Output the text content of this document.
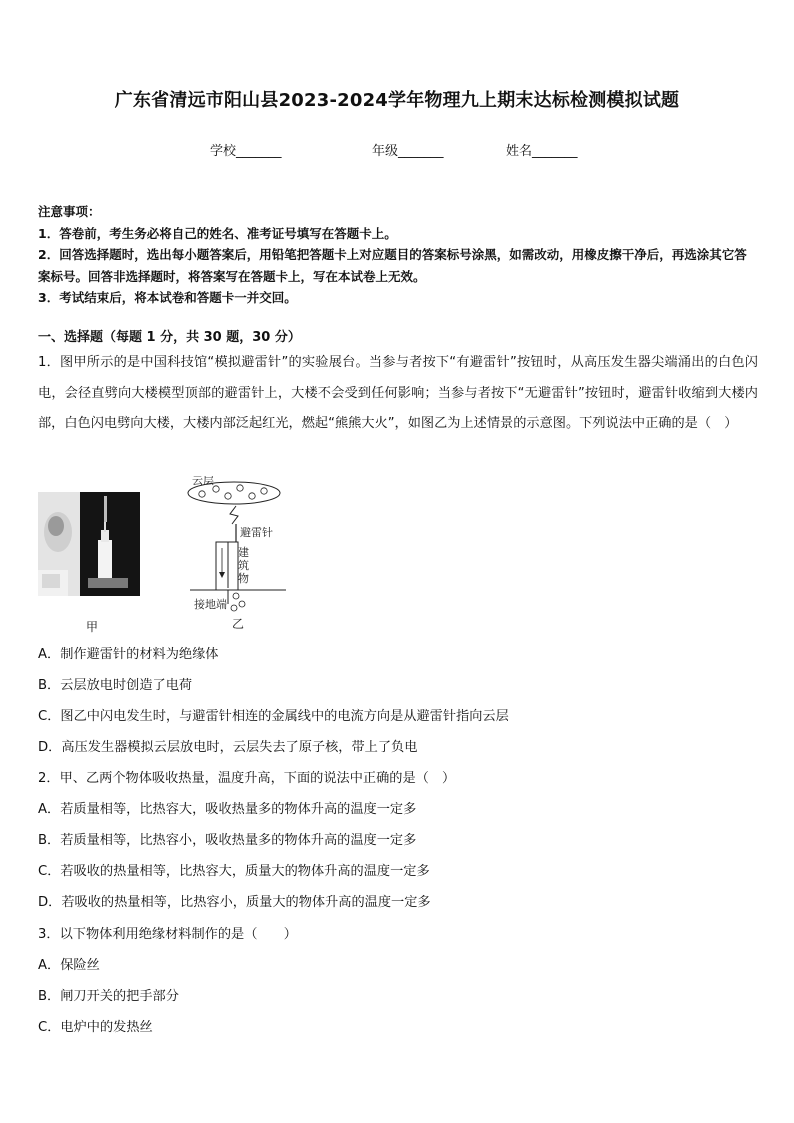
广东省清远市阳山县2023-2024学年物理九上期末达标检测模拟试题
学校_______	年级_______	姓名_______
注意事项：
1．答卷前，考生务必将自己的姓名、准考证号填写在答题卡上。
2．回答选择题时，选出每小题答案后，用铅笔把答题卡上对应题目的答案标号涂黑，如需改动，用橡皮擦干净后，再选涂其它答案标号。回答非选择题时，将答案写在答题卡上，写在本试卷上无效。
3．考试结束后，将本试卷和答题卡一并交回。
一、选择题（每题 1 分，共 30 题，30 分）
1．图甲所示的是中国科技馆“模拟避雷针”的实验展台。当参与者按下“有避雷针”按钮时，从高压发生器尖端涌出的白色闪电，会径直劈向大楼模型顶部的避雷针上，大楼不会受到任何影响；当参与者按下“无避雷针”按钮时，避雷针收缩到大楼内部，白色闪电劈向大楼，大楼内部泛起红光，燃起“熊熊大火”，如图乙为上述情景的示意图。下列说法中正确的是（　）
甲
云层
避雷针
建
筑
物
接地端
乙
A．制作避雷针的材料为绝缘体
B．云层放电时创造了电荷
C．图乙中闪电发生时，与避雷针相连的金属线中的电流方向是从避雷针指向云层
D．高压发生器模拟云层放电时，云层失去了原子核，带上了负电
2．甲、乙两个物体吸收热量，温度升高，下面的说法中正确的是（　）
A．若质量相等，比热容大，吸收热量多的物体升高的温度一定多
B．若质量相等，比热容小，吸收热量多的物体升高的温度一定多
C．若吸收的热量相等，比热容大，质量大的物体升高的温度一定多
D．若吸收的热量相等，比热容小，质量大的物体升高的温度一定多
3．以下物体利用绝缘材料制作的是（　　）
A．保险丝
B．闸刀开关的把手部分
C．电炉中的发热丝
